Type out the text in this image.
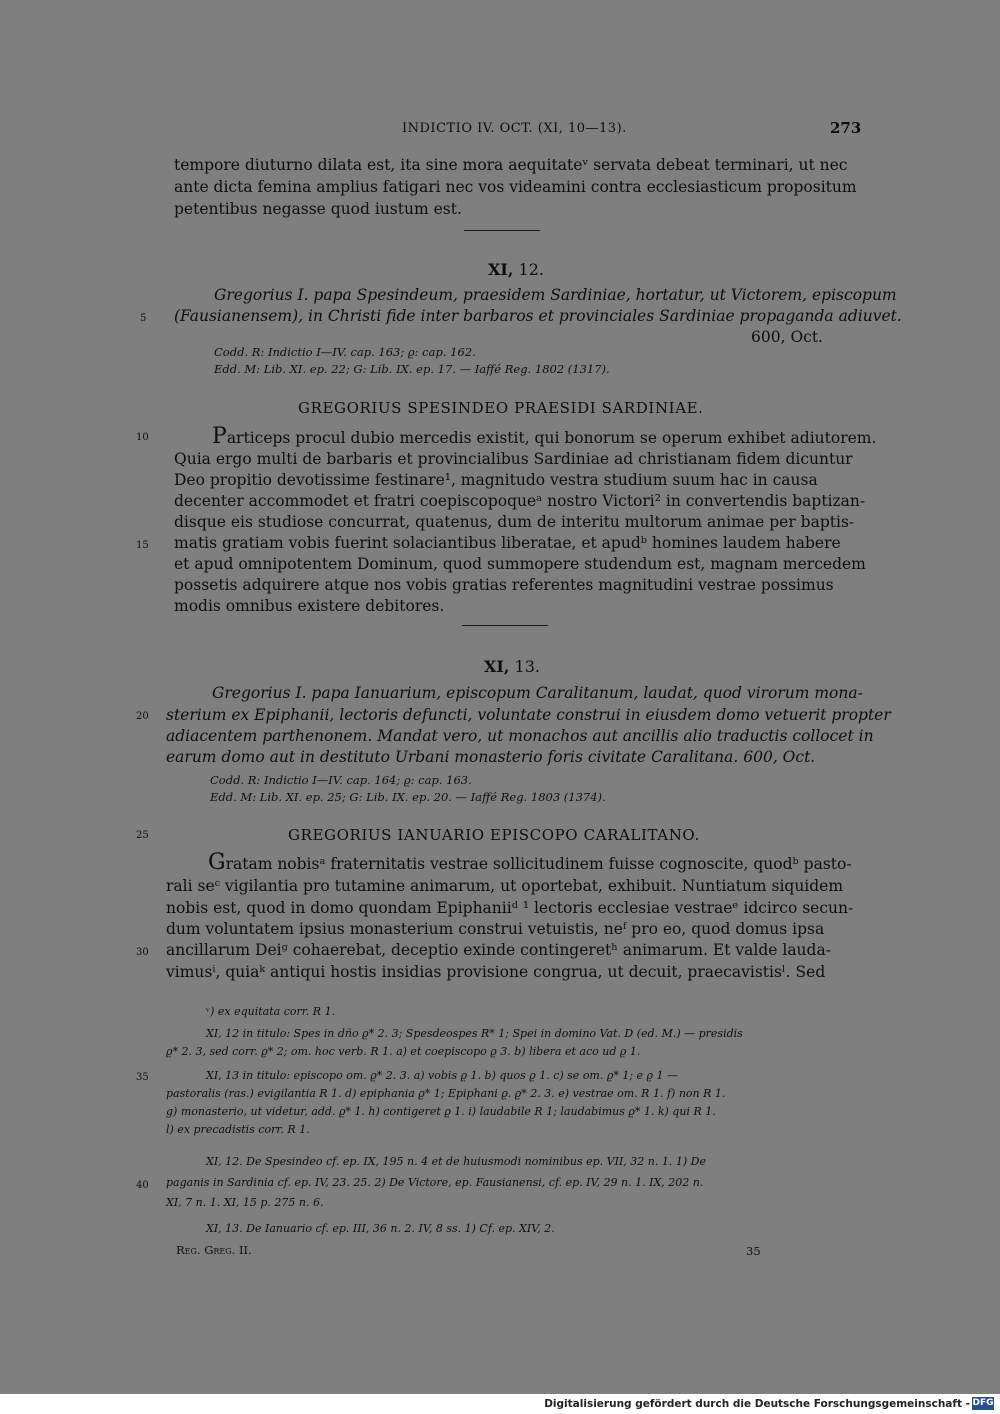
INDICTIO IV. OCT. (XI, 10—13).	273
tempore diuturno dilata est, ita sine mora aequitateᵛ servata debeat terminari, ut nec
ante dicta femina amplius fatigari nec vos videamini contra ecclesiasticum propositum
petentibus negasse quod iustum est.
XI, 12.
Gregorius I. papa Spesindeum, praesidem Sardiniae, hortatur, ut Victorem, episcopum
(Fausianensem), in Christi fide inter barbaros et provinciales Sardiniae propaganda adiuvet.
600, Oct.
Codd. R: Indictio I—IV. cap. 163; ϱ: cap. 162.
Edd. M: Lib. XI. ep. 22; G: Lib. IX. ep. 17. — Iaffé Reg. 1802 (1317).
GREGORIUS SPESINDEO PRAESIDI SARDINIAE.
Particeps procul dubio mercedis existit, qui bonorum se operum exhibet adiutorem.
Quia ergo multi de barbaris et provincialibus Sardiniae ad christianam fidem dicuntur
Deo propitio devotissime festinare¹, magnitudo vestra studium suum hac in causa
decenter accommodet et fratri coepiscopoqueᵃ nostro Victori² in convertendis baptizan-
disque eis studiose concurrat, quatenus, dum de interitu multorum animae per baptis-
matis gratiam vobis fuerint solaciantibus liberatae, et apudᵇ homines laudem habere
et apud omnipotentem Dominum, quod summopere studendum est, magnam mercedem
possetis adquirere atque nos vobis gratias referentes magnitudini vestrae possimus
modis omnibus existere debitores.
XI, 13.
Gregorius I. papa Ianuarium, episcopum Caralitanum, laudat, quod virorum mona-
sterium ex Epiphanii, lectoris defuncti, voluntate construi in eiusdem domo vetuerit propter
adiacentem parthenonem. Mandat vero, ut monachos aut ancillis alio traductis collocet in
earum domo aut in destituto Urbani monasterio foris civitate Caralitana. 600, Oct.
Codd. R: Indictio I—IV. cap. 164; ϱ: cap. 163.
Edd. M: Lib. XI. ep. 25; G: Lib. IX. ep. 20. — Iaffé Reg. 1803 (1374).
GREGORIUS IANUARIO EPISCOPO CARALITANO.
Gratam nobisᵃ fraternitatis vestrae sollicitudinem fuisse cognoscite, quodᵇ pasto-
rali seᶜ vigilantia pro tutamine animarum, ut oportebat, exhibuit. Nuntiatum siquidem
nobis est, quod in domo quondam Epiphaniiᵈ ¹ lectoris ecclesiae vestraeᵉ idcirco secun-
dum voluntatem ipsius monasterium construi vetuistis, neᶠ pro eo, quod domus ipsa
ancillarum Deiᵍ cohaerebat, deceptio exinde contingeretʰ animarum. Et valde lauda-
vimusⁱ, quiaᵏ antiqui hostis insidias provisione congrua, ut decuit, praecavistisˡ. Sed
ᵛ) ex equitata corr. R 1.
XI, 12 in titulo: Spes in dño ϱ* 2. 3; Spesdeospes R* 1; Spei in domino Vat. D (ed. M.) — presidis
ϱ* 2. 3, sed corr. ϱ* 2; om. hoc verb. R 1. a) et coepiscopo ϱ 3. b) libera et aco ud ϱ 1.
XI, 13 in titulo: episcopo om. ϱ* 2. 3. a) vobis ϱ 1. b) quos ϱ 1. c) se om. ϱ* 1; e ϱ 1 —
pastoralis (ras.) evigilantia R 1. d) epiphania ϱ* 1; Epiphani ϱ. ϱ* 2. 3. e) vestrae om. R 1. f) non R 1.
g) monasterio, ut videtur, add. ϱ* 1. h) contigeret ϱ 1. i) laudabile R 1; laudabimus ϱ* 1. k) qui R 1.
l) ex precadistis corr. R 1.
XI, 12. De Spesindeo cf. ep. IX, 195 n. 4 et de huiusmodi nominibus ep. VII, 32 n. 1. 1) De
paganis in Sardinia cf. ep. IV, 23. 25. 2) De Victore, ep. Fausianensi, cf. ep. IV, 29 n. 1. IX, 202 n.
XI, 7 n. 1. XI, 15 p. 275 n. 6.
XI, 13. De Ianuario cf. ep. III, 36 n. 2. IV, 8 ss. 1) Cf. ep. XIV, 2.
Reg. Greg. II.	35
5
10
15
20
25
30
35
40
Digitalisierung gefördert durch die Deutsche Forschungsgemeinschaft - DFG
